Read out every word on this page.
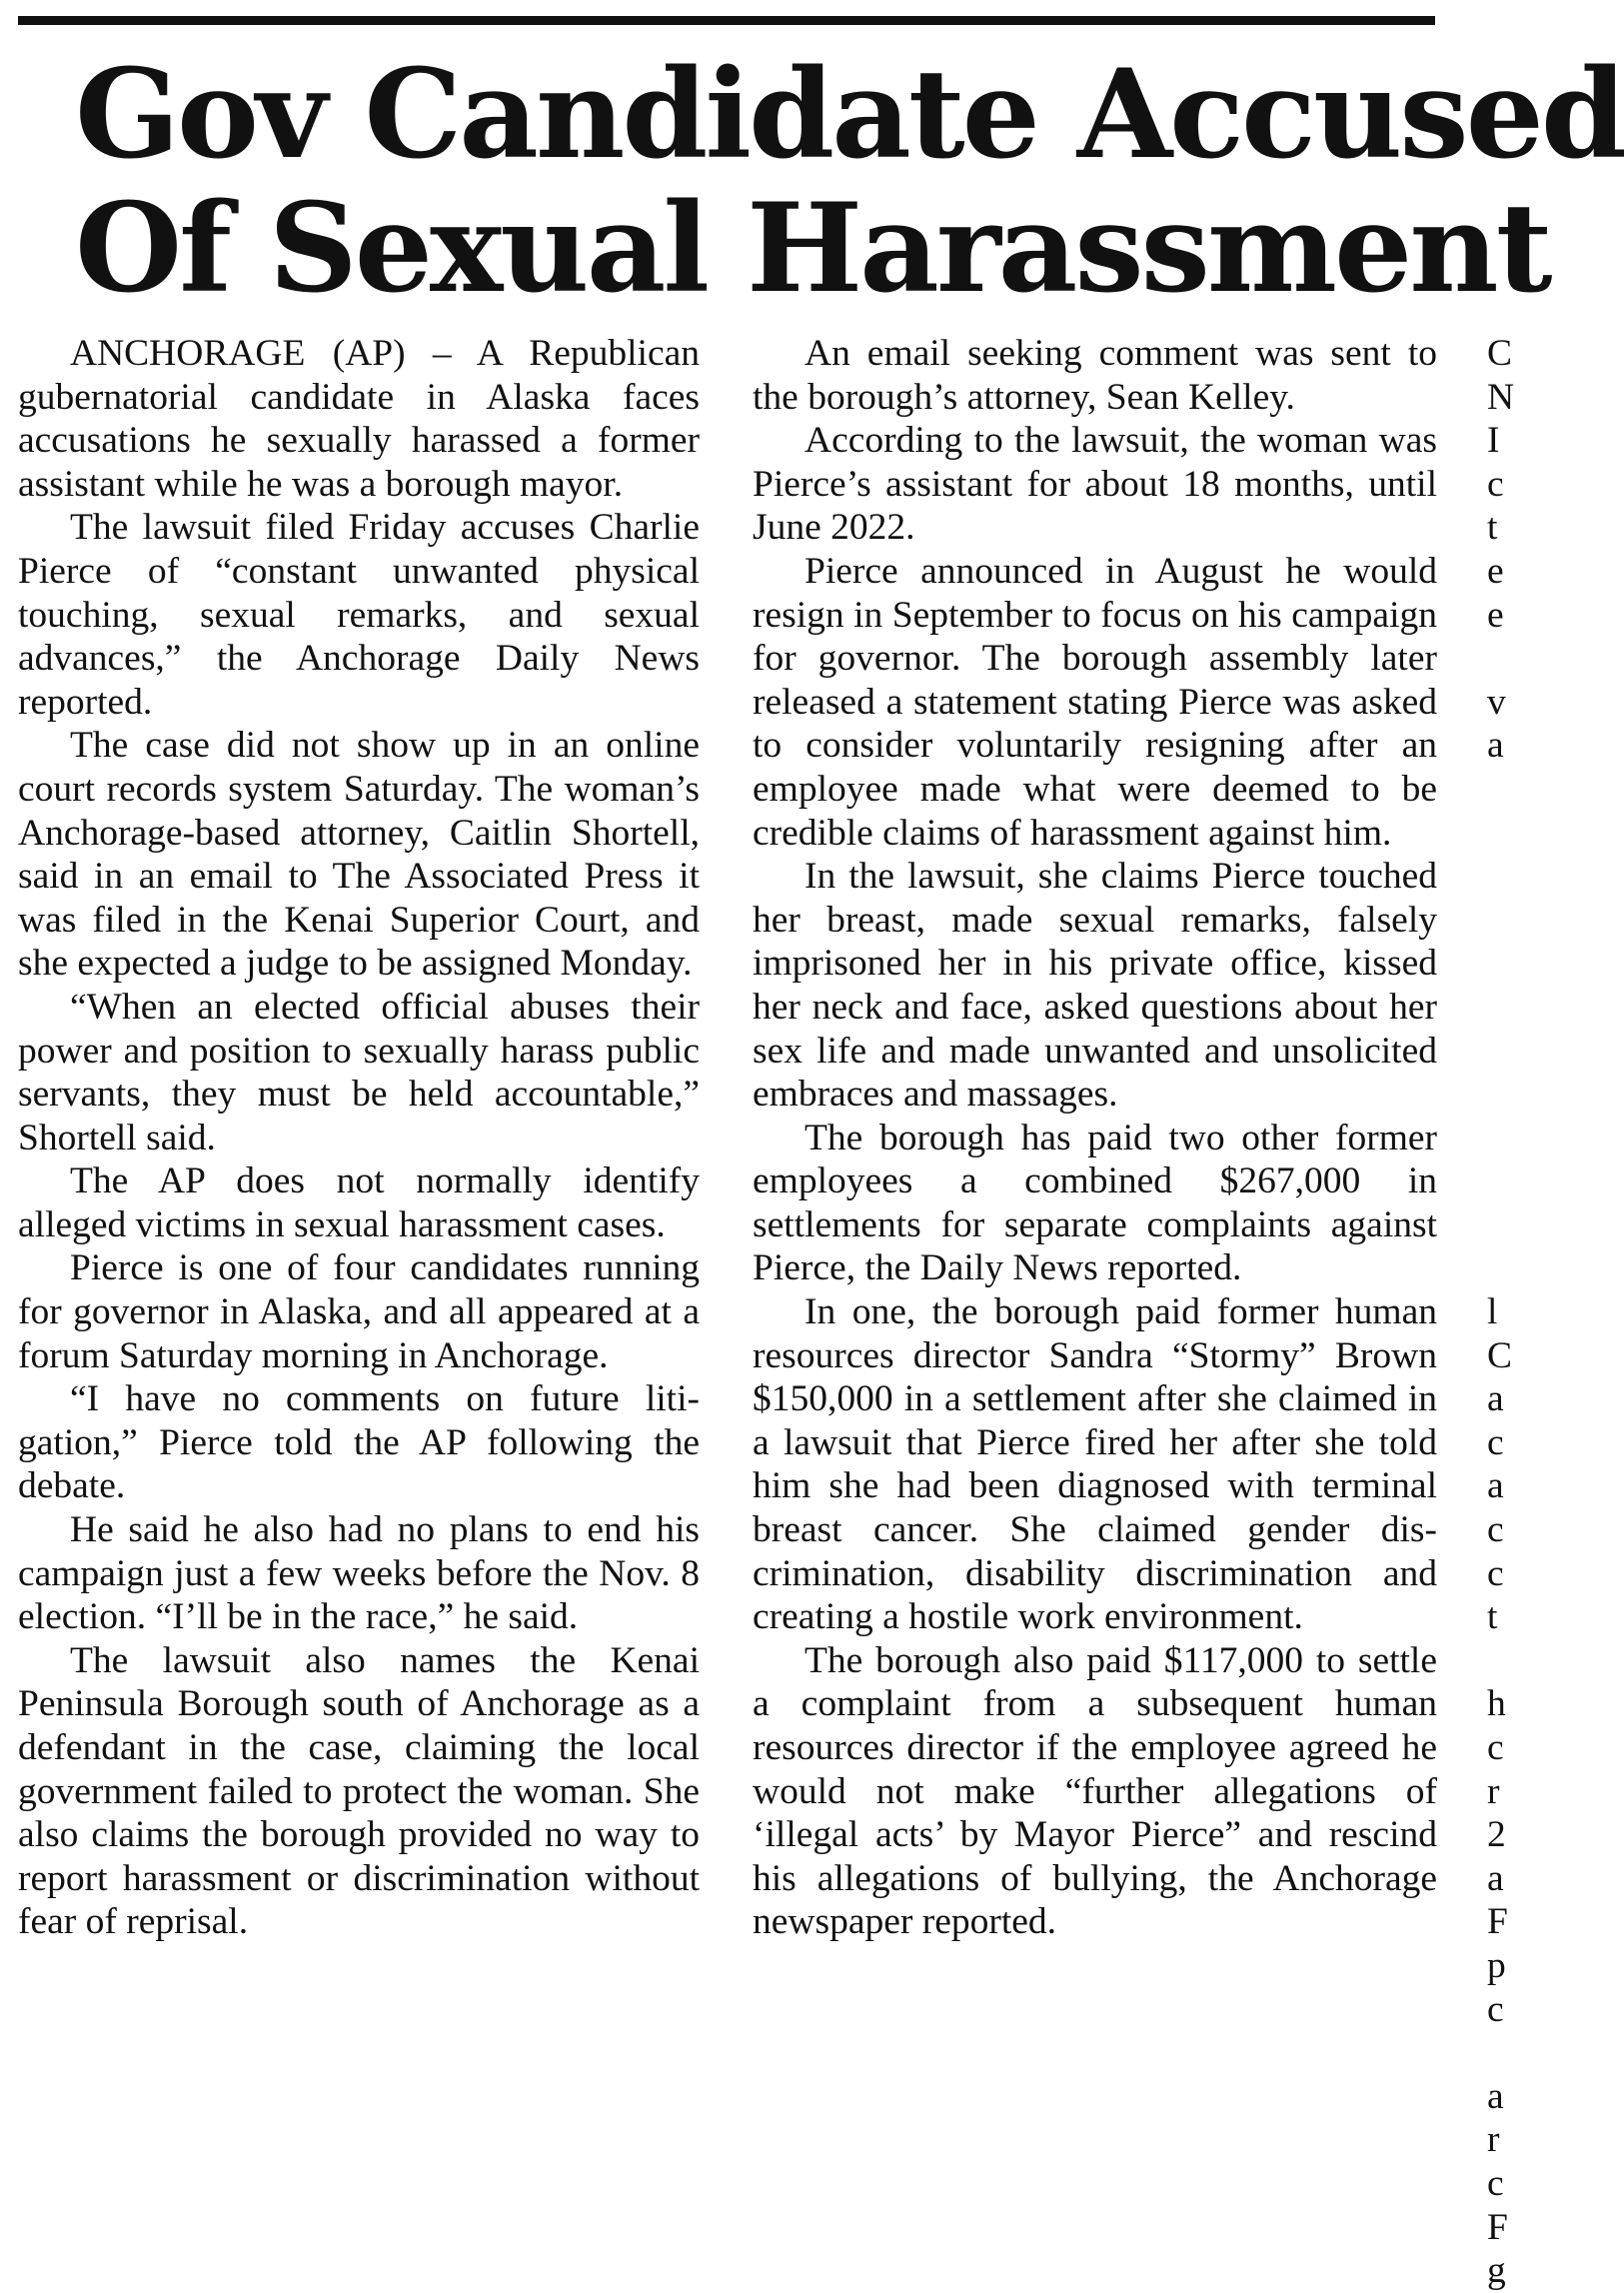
Gov Candidate Accused
Of Sexual Harassment

ANCHORAGE (AP) – A Republican gubernatorial candidate in Alaska faces accusations he sexually harassed a former assistant while he was a borough mayor.

The lawsuit filed Friday accuses Charlie Pierce of “constant unwanted physical touching, sexual remarks, and sexual advances,” the Anchorage Daily News reported.

The case did not show up in an online court records system Saturday. The woman’s Anchorage-based attorney, Caitlin Shortell, said in an email to The Associated Press it was filed in the Kenai Superior Court, and she expected a judge to be assigned Monday.

“When an elected official abuses their power and position to sexually harass public servants, they must be held accountable,” Shortell said.

The AP does not normally identify alleged victims in sexual harassment cases.

Pierce is one of four candidates running for governor in Alaska, and all appeared at a forum Saturday morning in Anchorage.

“I have no comments on future litigation,” Pierce told the AP following the debate.

He said he also had no plans to end his campaign just a few weeks before the Nov. 8 election. “I’ll be in the race,” he said.

The lawsuit also names the Kenai Peninsula Borough south of Anchorage as a defendant in the case, claiming the local government failed to protect the woman. She also claims the borough provided no way to report harassment or discrimination without fear of reprisal.

An email seeking comment was sent to the borough’s attorney, Sean Kelley.

According to the lawsuit, the woman was Pierce’s assistant for about 18 months, until June 2022.

Pierce announced in August he would resign in September to focus on his campaign for governor. The borough assembly later released a statement stating Pierce was asked to consider voluntarily resigning after an employee made what were deemed to be credible claims of harassment against him.

In the lawsuit, she claims Pierce touched her breast, made sexual remarks, falsely imprisoned her in his private office, kissed her neck and face, asked questions about her sex life and made unwanted and unsolicited embraces and massages.

The borough has paid two other former employees a combined $267,000 in settlements for separate complaints against Pierce, the Daily News reported.

In one, the borough paid former human resources director Sandra “Stormy” Brown $150,000 in a settlement after she claimed in a lawsuit that Pierce fired her after she told him she had been diagnosed with terminal breast cancer. She claimed gender discrimination, disability discrimination and creating a hostile work environment.

The borough also paid $117,000 to settle a complaint from a subsequent human resources director if the employee agreed he would not make “further allegations of ‘illegal acts’ by Mayor Pierce” and rescind his allegations of bullying, the Anchorage newspaper reported.

C
N
I
c
t
e
e
v
a
l
C
a
c
a
c
c
t
h
c
r
2
a
F
p
c
a
r
c
F
g
